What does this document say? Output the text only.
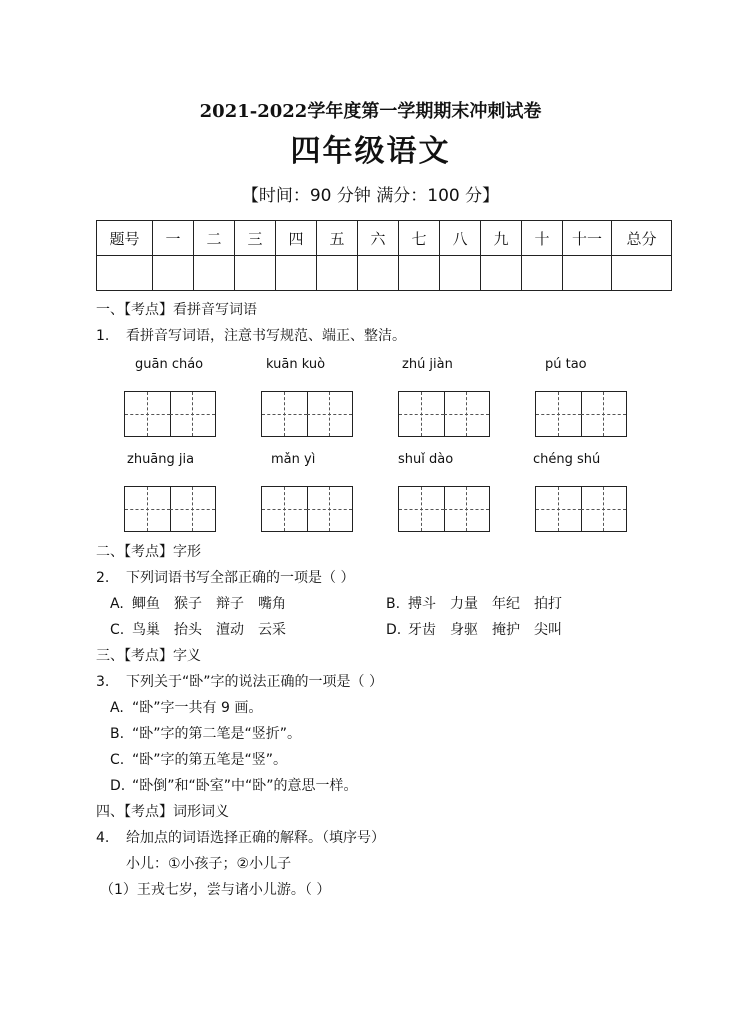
2021-2022学年度第一学期期末冲刺试卷
四年级语文
【时间：90 分钟 满分：100 分】
题号	一	二	三	四	五	六	七	八	九	十	十一	总分

一、【考点】看拼音写词语
1. 看拼音写词语，注意书写规范、端正、整洁。
guān cháo	kuān kuò	zhú jiàn	pú tao
zhuāng jia	mǎn yì	shuǐ dào	chéng shú
二、【考点】字形
2. 下列词语书写全部正确的一项是（ ）
A. 鲫鱼 猴子 辩子 嘴角	B. 搏斗 力量 年纪 拍打
C. 鸟巢 抬头 澶动 云采	D. 牙齿 身驱 掩护 尖叫
三、【考点】字义
3. 下列关于“卧”字的说法正确的一项是（ ）
A. “卧”字一共有 9 画。
B. “卧”字的第二笔是“竖折”。
C. “卧”字的第五笔是“竖”。
D. “卧倒”和“卧室”中“卧”的意思一样。
四、【考点】词形词义
4. 给加点的词语选择正确的解释。（填序号）
小儿：①小孩子；②小儿子
（1）王戎七岁，尝与诸小儿游。（ ）
